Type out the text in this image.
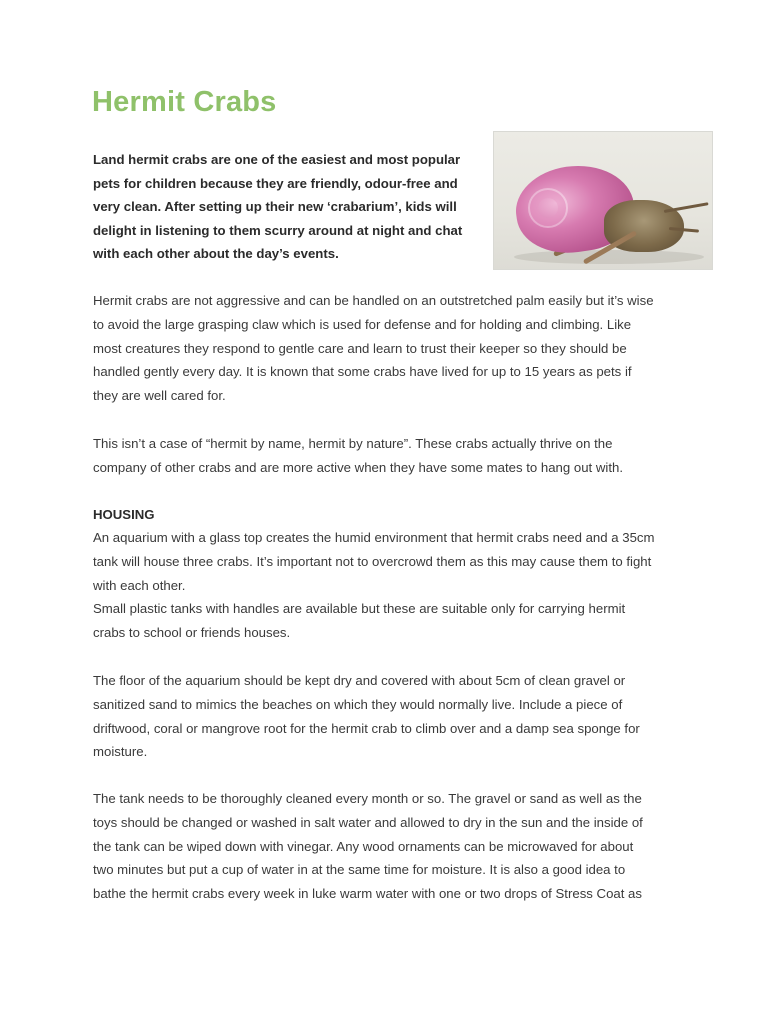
Hermit Crabs
Land hermit crabs are one of the easiest and most popular
pets for children because they are friendly, odour-free and
very clean. After setting up their new ‘crabarium’, kids will
delight in listening to them scurry around at night and chat
with each other about the day’s events.
Hermit crabs are not aggressive and can be handled on an outstretched palm easily but it’s wise
to avoid the large grasping claw which is used for defense and for holding and climbing. Like
most creatures they respond to gentle care and learn to trust their keeper so they should be
handled gently every day. It is known that some crabs have lived for up to 15 years as pets if
they are well cared for.
This isn’t a case of “hermit by name, hermit by nature”. These crabs actually thrive on the
company of other crabs and are more active when they have some mates to hang out with.
HOUSING
An aquarium with a glass top creates the humid environment that hermit crabs need and a 35cm
tank will house three crabs. It’s important not to overcrowd them as this may cause them to fight
with each other.
Small plastic tanks with handles are available but these are suitable only for carrying hermit
crabs to school or friends houses.
The floor of the aquarium should be kept dry and covered with about 5cm of clean gravel or
sanitized sand to mimics the beaches on which they would normally live. Include a piece of
driftwood, coral or mangrove root for the hermit crab to climb over and a damp sea sponge for
moisture.
The tank needs to be thoroughly cleaned every month or so. The gravel or sand as well as the
toys should be changed or washed in salt water and allowed to dry in the sun and the inside of
the tank can be wiped down with vinegar. Any wood ornaments can be microwaved for about
two minutes but put a cup of water in at the same time for moisture. It is also a good idea to
bathe the hermit crabs every week in luke warm water with one or two drops of Stress Coat as
